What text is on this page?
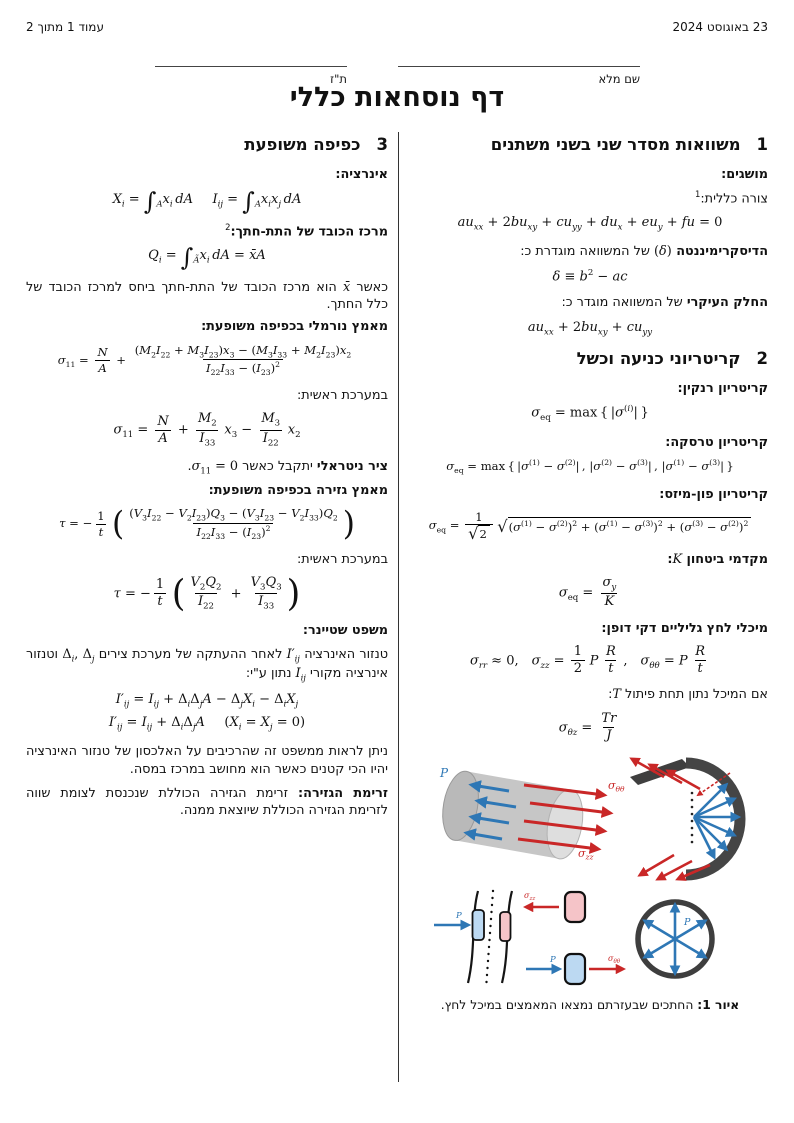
23 באוגוסט 2024
עמוד 1 מתוך 2
שם מלא
ת"ז
דף נוסחאות כללי
3
כפיפה משופעת
אינרציה:
$X_i = \int_Ax_i$  dA   $I_{ij} = \int_Ax_ix_j$  dA
מרכז הכובד של התת-חתך:$^2$
$Q_i = \int_Ãx_i$  dA = x̄A
כאשר x̄ הוא מרכז הכובד של התת-חתך ביחס למרכז הכובד של כלל החתך.
מאמץ נורמלי בכפיפה משופעת:
$\sigma_{11} = \frac{N}{A} + \frac{(M_2I_{22} + M_3I_{23})x_3 - (M_3I_{33} + M_2I_{23})x_2}{I_{22}I_{33} - (I_{23})^2}$
במערכת ראשית:
$\sigma_{11} = \frac{N}{A} + \frac{M_2}{I_{33}}$
  $x_3 - \frac{M_3}{I_{22}}$
  $x_2$
ציר ניטראלי יתקבל כאשר $\sigma_{11} = 0$.
מאמץ גזירה בכפיפה משופעת:
τ = − $\frac{1}{t}$
  ( $\frac{(V_3I_{22} - V_2I_{23})Q_3 - (V_3I_{23} - V_2I_{33})Q_2}{I_{22}I_{33} - (I_{23})^2}$ )
במערכת ראשית:
τ = − $\frac{1}{t}$
  ( $\frac{V_2Q_2}{I_{22}} + \frac{V_3Q_3}{I_{33}}$ )
משפט שטיינר:
טנזור האינרציה $I'_{ij}$ לאחר ההעתקה של מערכת צירים $\Delta_i$, $\Delta_j$ וטנזור אינרציה מקורי $I_{ij}$ נתון ע"י:
$I'_{ij} = I_{ij} + \Delta_i\Delta_jA - \Delta_jX_i - \Delta_iX_j$
$I'_{ij} = I_{ij} + \Delta_i\Delta_jA$  $(X_i = X_j = 0)$
ניתן לראות ממשפט זה שהרכיבים על האלכסון של טנזור האינרציה יהיו הכי קטנים כאשר הוא מחושב במרכז במסה.
זרימת הגזירה: זרימת הגזירה הכוללת שנכנסת לצומת שווה לזרימת הגזירה הכוללת שיוצאת ממנה.
1
משוואות מסדר שני בשני משתנים
מושגים:
צורה כללית:$^1$
$au_{xx} + 2bu_{xy} + cu_{yy} + du_x + eu_y$ + fu = 0
הדיסקרימיננטה (δ) של המשוואה מוגדרת כ:
$\delta \equiv b^2$ − ac
החלק העיקרי של המשוואה מוגדר כ:
$au_{xx} + 2bu_{xy} + cu_{yy}$
2
קריטריוני כניעה וכשל
קריטריון רנקין:
$\sigma_{eq} = \max$ { $|\sigma^{(i)}|$ }
קריטריון טרסקה:
$\sigma_{eq} = \max$ { $|\sigma^{(1)} - \sigma^{(2)}|$ , $|\sigma^{(2)} - \sigma^{(3)}|$ , $|\sigma^{(1)} - \sigma^{(3)}|$ }
קריטריון פון-מיזס:
$\sigma_{eq} = \frac{1}{√ 2}$
  √ $(\sigma^{(1)} - \sigma^{(2)})^2 + (\sigma^{(1)} - \sigma^{(3)})^2 + (\sigma^{(3)} - \sigma^{(2)})^2$
מקדמי ביטחון K:
$\sigma_{eq} = \frac{\sigma_y}{K}$
מיכלי לחץ גליליים דקי דופן:
$\sigma_{rr} \approx 0$, $\sigma_{zz} = \frac{1}{2}$
  P  $\frac{R}{t}$  , $\sigma_{\theta\theta} = P \frac{R}{t}$
אם המיכל נתון תחת פיתול T:
$\sigma_{\theta z} = \frac{Tr}{J}$
P
$\sigma_{zz}$
$\sigma_{\theta\theta}$
P
$\sigma_{zz}$
P	$\sigma_{\theta\theta}$
P
איור 1: החתכים שבעזרתם נמצאו המאמצים במיכל לחץ.
